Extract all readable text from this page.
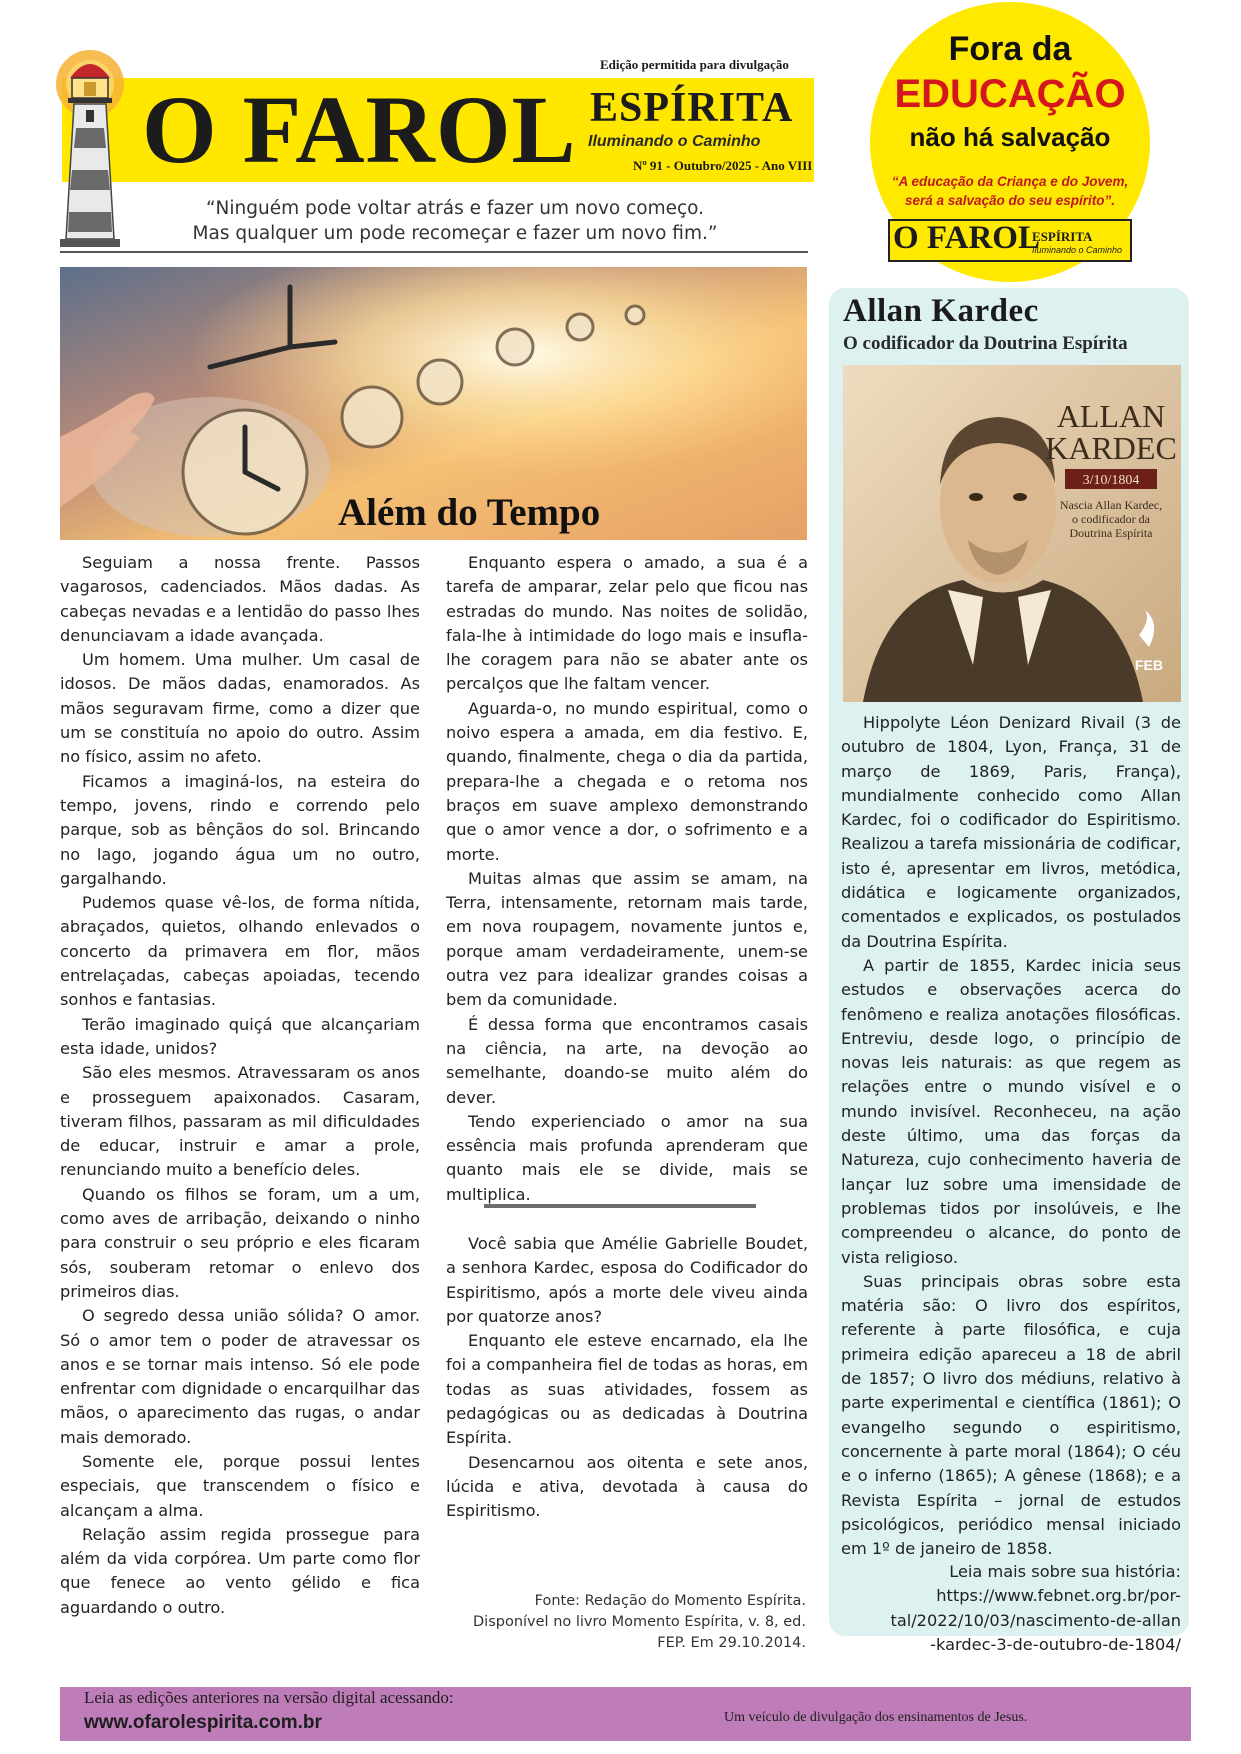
Edição permitida para divulgação
O FAROL ESPÍRITA
Iluminando o Caminho
Nº 91 - Outubro/2025 - Ano VIII
“Ninguém pode voltar atrás e fazer um novo começo.
Mas qualquer um pode recomeçar e fazer um novo fim.”
Fora da
EDUCAÇÃO
não há salvação
“A educação da Criança e do Jovem,
será a salvação do seu espírito”.
O FAROL
ESPÍRITA
Iluminando o Caminho
Além do Tempo

Seguiam a nossa frente. Passos vagarosos, cadenciados. Mãos dadas. As cabeças nevadas e a lentidão do passo lhes denunciavam a idade avançada.

Um homem. Uma mulher. Um casal de idosos. De mãos dadas, enamorados. As mãos seguravam firme, como a dizer que um se constituía no apoio do outro. Assim no físico, assim no afeto.

Ficamos a imaginá-los, na esteira do tempo, jovens, rindo e correndo pelo parque, sob as bênçãos do sol. Brincando no lago, jogando água um no outro, gargalhando.

Pudemos quase vê-los, de forma nítida, abraçados, quietos, olhando enlevados o concerto da primavera em flor, mãos entrelaçadas, cabeças apoiadas, tecendo sonhos e fantasias.

Terão imaginado quiçá que alcançariam esta idade, unidos?

São eles mesmos. Atravessaram os anos e prosseguem apaixonados. Casaram, tiveram filhos, passaram as mil dificuldades de educar, instruir e amar a prole, renunciando muito a benefício deles.

Quando os filhos se foram, um a um, como aves de arribação, deixando o ninho para construir o seu próprio e eles ficaram sós, souberam retomar o enlevo dos primeiros dias.

O segredo dessa união sólida? O amor. Só o amor tem o poder de atravessar os anos e se tornar mais intenso. Só ele pode enfrentar com dignidade o encarquilhar das mãos, o aparecimento das rugas, o andar mais demorado.

Somente ele, porque possui lentes especiais, que transcendem o físico e alcançam a alma.

Relação assim regida prossegue para além da vida corpórea. Um parte como flor que fenece ao vento gélido e fica aguardando o outro.

Enquanto espera o amado, a sua é a tarefa de amparar, zelar pelo que ficou nas estradas do mundo. Nas noites de solidão, fala-lhe à intimidade do logo mais e insufla-lhe coragem para não se abater ante os percalços que lhe faltam vencer.

Aguarda-o, no mundo espiritual, como o noivo espera a amada, em dia festivo. E, quando, finalmente, chega o dia da partida, prepara-lhe a chegada e o retoma nos braços em suave amplexo demonstrando que o amor vence a dor, o sofrimento e a morte.

Muitas almas que assim se amam, na Terra, intensamente, retornam mais tarde, em nova roupagem, novamente juntos e, porque amam verdadeiramente, unem-se outra vez para idealizar grandes coisas a bem da comunidade.

É dessa forma que encontramos casais na ciência, na arte, na devoção ao semelhante, doando-se muito além do dever.

Tendo experienciado o amor na sua essência mais profunda aprenderam que quanto mais ele se divide, mais se multiplica.

Você sabia que Amélie Gabrielle Boudet, a senhora Kardec, esposa do Codificador do Espiritismo, após a morte dele viveu ainda por quatorze anos?

Enquanto ele esteve encarnado, ela lhe foi a companheira fiel de todas as horas, em todas as suas atividades, fossem as pedagógicas ou as dedicadas à Doutrina Espírita.

Desencarnou aos oitenta e sete anos, lúcida e ativa, devotada à causa do Espiritismo.

Fonte: Redação do Momento Espírita.
Disponível no livro Momento Espírita, v. 8, ed.
FEP. Em 29.10.2014.
Allan Kardec
O codificador da Doutrina Espírita
ALLAN
KARDEC
3/10/1804
Nascia Allan Kardec,
o codificador da
Doutrina Espírita
FEB

Hippolyte Léon Denizard Rivail (3 de outubro de 1804, Lyon, França, 31 de março de 1869, Paris, França), mundialmente conhecido como Allan Kardec, foi o codificador do Espiritismo. Realizou a tarefa missionária de codificar, isto é, apresentar em livros, metódica, didática e logicamente organizados, comentados e explicados, os postulados da Doutrina Espírita.

A partir de 1855, Kardec inicia seus estudos e observações acerca do fenômeno e realiza anotações filosóficas. Entreviu, desde logo, o princípio de novas leis naturais: as que regem as relações entre o mundo visível e o mundo invisível. Reconheceu, na ação deste último, uma das forças da Natureza, cujo conhecimento haveria de lançar luz sobre uma imensidade de problemas tidos por insolúveis, e lhe compreendeu o alcance, do ponto de vista religioso.

Suas principais obras sobre esta matéria são: O livro dos espíritos, referente à parte filosófica, e cuja primeira edição apareceu a 18 de abril de 1857; O livro dos médiuns, relativo à parte experimental e científica (1861); O evangelho segundo o espiritismo, concernente à parte moral (1864); O céu e o inferno (1865); A gênese (1868); e a Revista Espírita – jornal de estudos psicológicos, periódico mensal iniciado em 1º de janeiro de 1858.

Leia mais sobre sua história:
https://www.febnet.org.br/por-
tal/2022/10/03/nascimento-de-allan
-kardec-3-de-outubro-de-1804/
Leia as edições anteriores na versão digital acessando:
www.ofarolespirita.com.br	Um veículo de divulgação dos ensinamentos de Jesus.
